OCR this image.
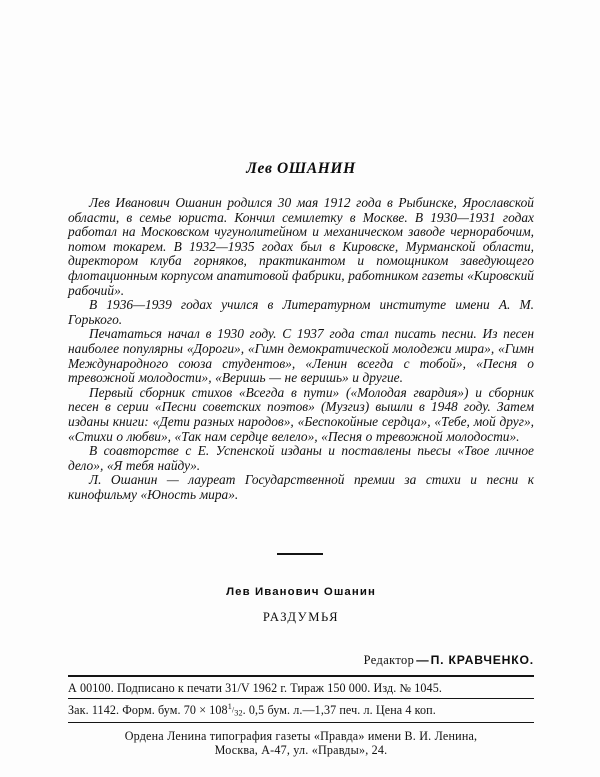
Лев ОШАНИН

Лев Иванович Ошанин родился 30 мая 1912 года в Рыбинске, Ярославской области, в семье юриста. Кончил семилетку в Москве. В 1930—1931 годах работал на Московском чугунолитейном и механическом заводе чернорабочим, потом токарем. В 1932—1935 годах был в Кировске, Мурманской области, директором клуба горняков, практикантом и помощником заведующего флотационным корпусом апатитовой фабрики, работником газеты «Кировский рабочий».

В 1936—1939 годах учился в Литературном институте имени А. М. Горького.

Печататься начал в 1930 году. С 1937 года стал писать песни. Из песен наиболее популярны «Дороги», «Гимн демократической молодежи мира», «Гимн Международного союза студентов», «Ленин всегда с тобой», «Песня о тревожной молодости», «Веришь — не веришь» и другие.

Первый сборник стихов «Всегда в пути» («Молодая гвардия») и сборник песен в серии «Песни советских поэтов» (Музгиз) вышли в 1948 году. Затем изданы книги: «Дети разных народов», «Беспокойные сердца», «Тебе, мой друг», «Стихи о любви», «Так нам сердце велело», «Песня о тревожной молодости».

В соавторстве с Е. Успенской изданы и поставлены пьесы «Твое личное дело», «Я тебя найду».

Л. Ошанин — лауреат Государственной премии за стихи и песни к кинофильму «Юность мира».

Лев Иванович Ошанин
РАЗДУМЬЯ
Редактор — П. КРАВЧЕНКО.
А 00100. Подписано к печати 31/V 1962 г. Тираж 150 000. Изд. № 1045.
Зак. 1142. Форм. бум. $70 \times 108^1/_{32}$. 0,5 бум. л.—1,37 печ. л. Цена 4 коп.
Ордена Ленина типография газеты «Правда» имени В. И. Ленина,
Москва, А-47, ул. «Правды», 24.
